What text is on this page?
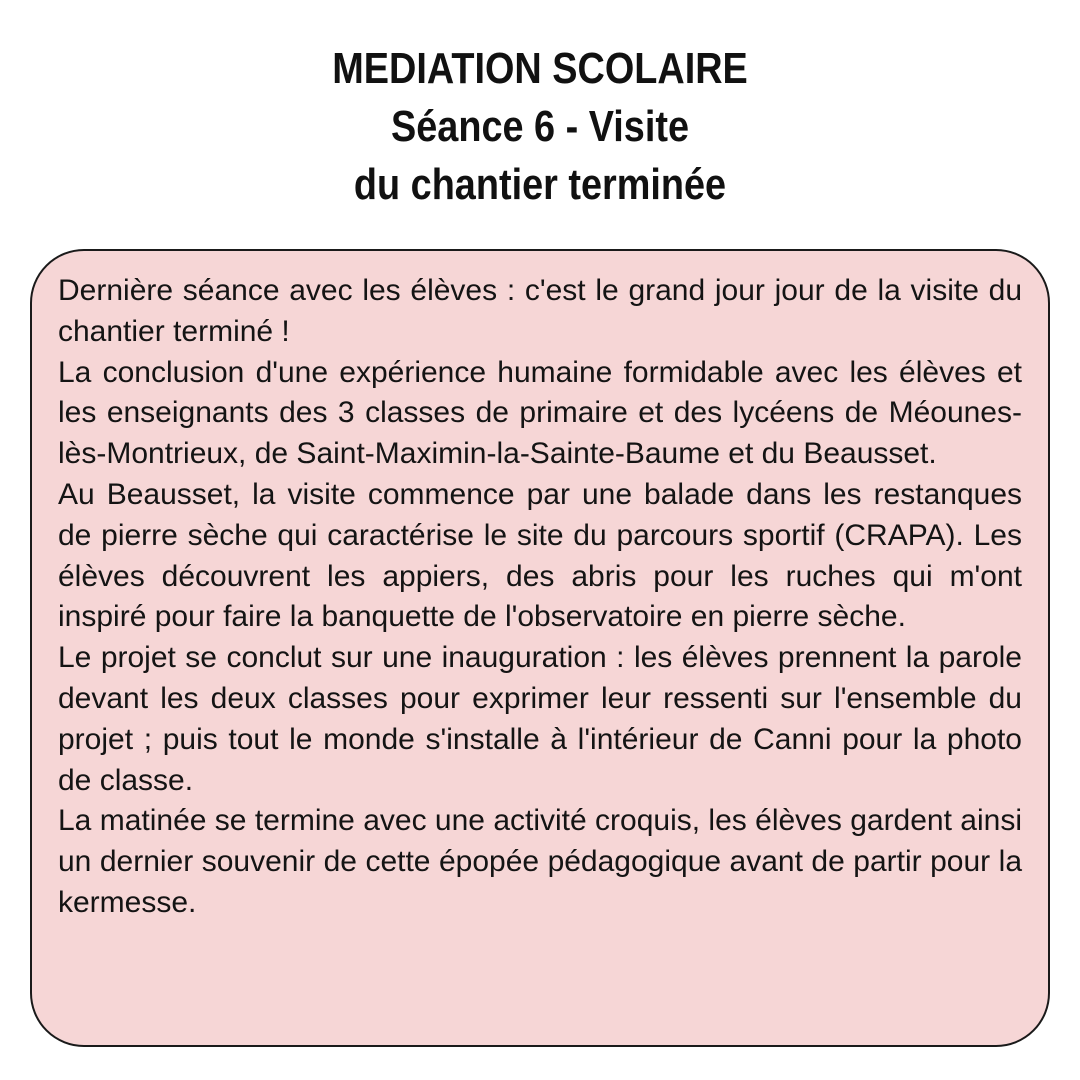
MEDIATION SCOLAIRE
Séance 6 - Visite
du chantier terminée

Dernière séance avec les élèves : c'est le grand jour jour de la visite du chantier terminé !

La conclusion d'une expérience humaine formidable avec les élèves et les enseignants des 3 classes de primaire et des lycéens de Méounes-lès-Montrieux, de Saint-Maximin-la-Sainte-Baume et du Beausset.

Au Beausset, la visite commence par une balade dans les restanques de pierre sèche qui caractérise le site du parcours sportif (CRAPA). Les élèves découvrent les appiers, des abris pour les ruches qui m'ont inspiré pour faire la banquette de l'observatoire en pierre sèche.

Le projet se conclut sur une inauguration : les élèves prennent la parole devant les deux classes pour exprimer leur ressenti sur l'ensemble du projet ; puis tout le monde s'installe à l'intérieur de Canni pour la photo de classe.

La matinée se termine avec une activité croquis, les élèves gardent ainsi un dernier souvenir de cette épopée pédagogique avant de partir pour la kermesse.
